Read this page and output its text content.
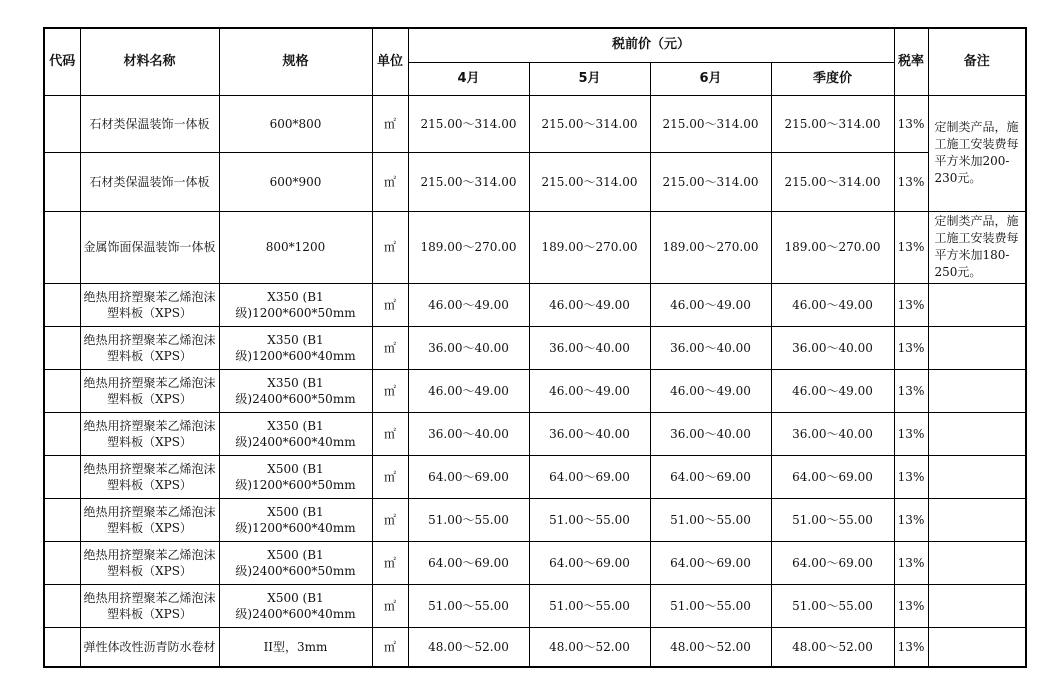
代码	材料名称	规格	单位	税前价（元）				税率	备注
				4月	5月	6月	季度价		
	石材类保温装饰一体板	600*800	㎡	215.00～314.00	215.00～314.00	215.00～314.00	215.00～314.00	13%	定制类产品，施工施工安装费每平方米加200-230元。
	石材类保温装饰一体板	600*900	㎡	215.00～314.00	215.00～314.00	215.00～314.00	215.00～314.00	13%	
	金属饰面保温装饰一体板	800*1200	㎡	189.00～270.00	189.00～270.00	189.00～270.00	189.00～270.00	13%	定制类产品，施工施工安装费每平方米加180-250元。
	绝热用挤塑聚苯乙烯泡沫塑料板（XPS）	X350 (B1级)1200*600*50mm	㎡	46.00～49.00	46.00～49.00	46.00～49.00	46.00～49.00	13%	
	绝热用挤塑聚苯乙烯泡沫塑料板（XPS）	X350 (B1级)1200*600*40mm	㎡	36.00～40.00	36.00～40.00	36.00～40.00	36.00～40.00	13%	
	绝热用挤塑聚苯乙烯泡沫塑料板（XPS）	X350 (B1级)2400*600*50mm	㎡	46.00～49.00	46.00～49.00	46.00～49.00	46.00～49.00	13%	
	绝热用挤塑聚苯乙烯泡沫塑料板（XPS）	X350 (B1级)2400*600*40mm	㎡	36.00～40.00	36.00～40.00	36.00～40.00	36.00～40.00	13%	
	绝热用挤塑聚苯乙烯泡沫塑料板（XPS）	X500 (B1级)1200*600*50mm	㎡	64.00～69.00	64.00～69.00	64.00～69.00	64.00～69.00	13%	
	绝热用挤塑聚苯乙烯泡沫塑料板（XPS）	X500 (B1级)1200*600*40mm	㎡	51.00～55.00	51.00～55.00	51.00～55.00	51.00～55.00	13%	
	绝热用挤塑聚苯乙烯泡沫塑料板（XPS）	X500 (B1级)2400*600*50mm	㎡	64.00～69.00	64.00～69.00	64.00～69.00	64.00～69.00	13%	
	绝热用挤塑聚苯乙烯泡沫塑料板（XPS）	X500 (B1级)2400*600*40mm	㎡	51.00～55.00	51.00～55.00	51.00～55.00	51.00～55.00	13%	
	弹性体改性沥青防水卷材	II型，3mm	㎡	48.00～52.00	48.00～52.00	48.00～52.00	48.00～52.00	13%	
